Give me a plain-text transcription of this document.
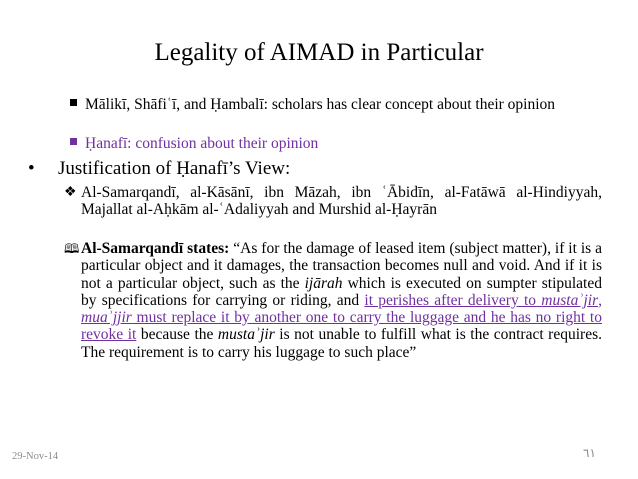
Legality of AIMAD in Particular
Mālikī, Shāfiʿī, and Ḥambalī: scholars has clear concept about their opinion
Ḥanafī: confusion about their opinion
• Justification of Ḥanafī’s View:
❖ Al-Samarqandī, al-Kāsānī, ibn Māzah, ibn ʿĀbidīn, al-Fatāwā al-Hindiyyah, Majallat al-Aḥkām al-ʿAdaliyyah and Murshid al-Ḥayrān
🕮 Al-Samarqandī states: “As for the damage of leased item (subject matter), if it is a particular object and it damages, the transaction becomes null and void. And if it is not a particular object, such as the ijārah which is executed on sumpter stipulated by specifications for carrying or riding, and it perishes after delivery to mustaʾjir, muaʾjjir must replace it by another one to carry the luggage and he has no right to revoke it because the mustaʾjir is not unable to fulfill what is the contract requires. The requirement is to carry his luggage to such place”
29-Nov-14	٦١
